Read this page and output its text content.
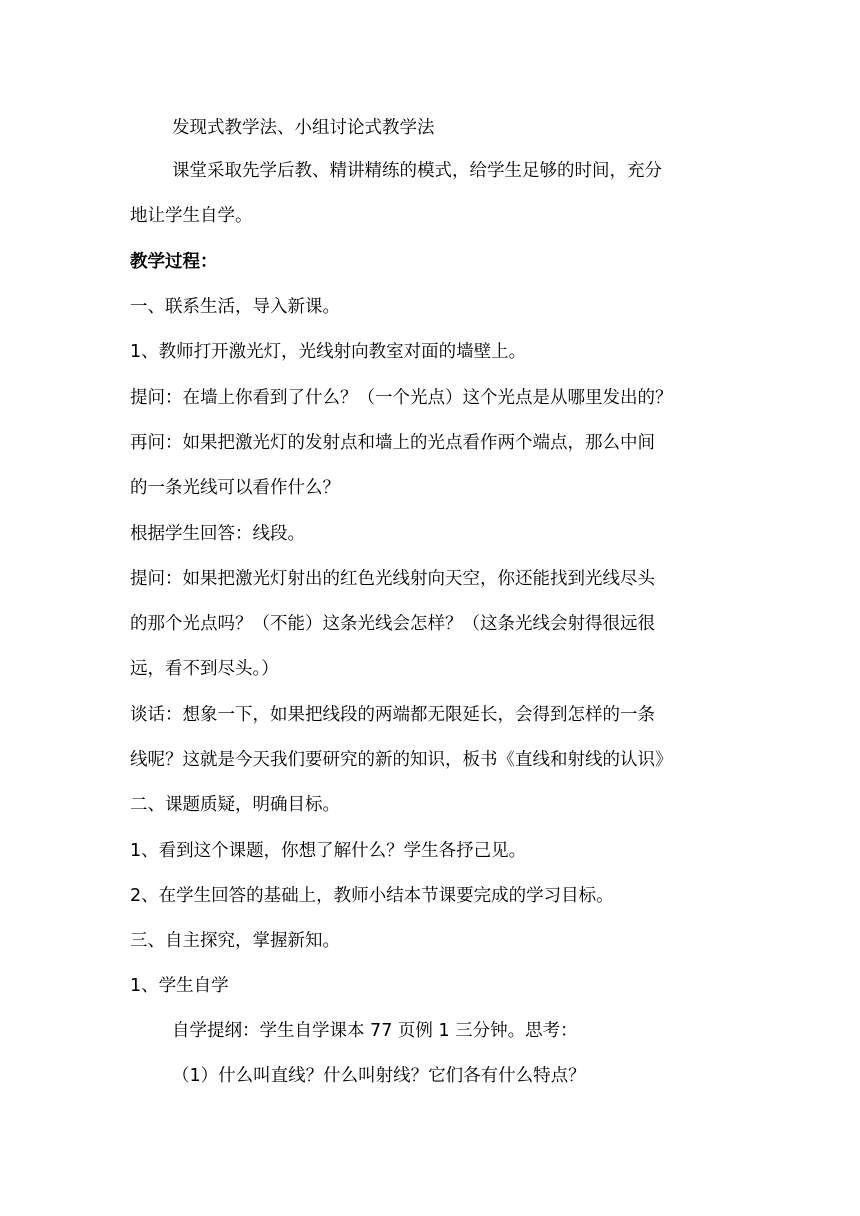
发现式教学法、小组讨论式教学法
课堂采取先学后教、精讲精练的模式，给学生足够的时间，充分
地让学生自学。
教学过程：
一、联系生活，导入新课。
1、教师打开激光灯，光线射向教室对面的墙壁上。
提问：在墙上你看到了什么？（一个光点）这个光点是从哪里发出的？
再问：如果把激光灯的发射点和墙上的光点看作两个端点，那么中间
的一条光线可以看作什么？
根据学生回答：线段。
提问：如果把激光灯射出的红色光线射向天空，你还能找到光线尽头
的那个光点吗？（不能）这条光线会怎样？（这条光线会射得很远很
远，看不到尽头。）
谈话：想象一下，如果把线段的两端都无限延长，会得到怎样的一条
线呢？这就是今天我们要研究的新的知识，板书《直线和射线的认识》
二、课题质疑，明确目标。
1、看到这个课题，你想了解什么？学生各抒己见。
2、在学生回答的基础上，教师小结本节课要完成的学习目标。
三、自主探究，掌握新知。
1、学生自学
自学提纲：学生自学课本 77 页例 1 三分钟。思考：
（1）什么叫直线？什么叫射线？它们各有什么特点？
